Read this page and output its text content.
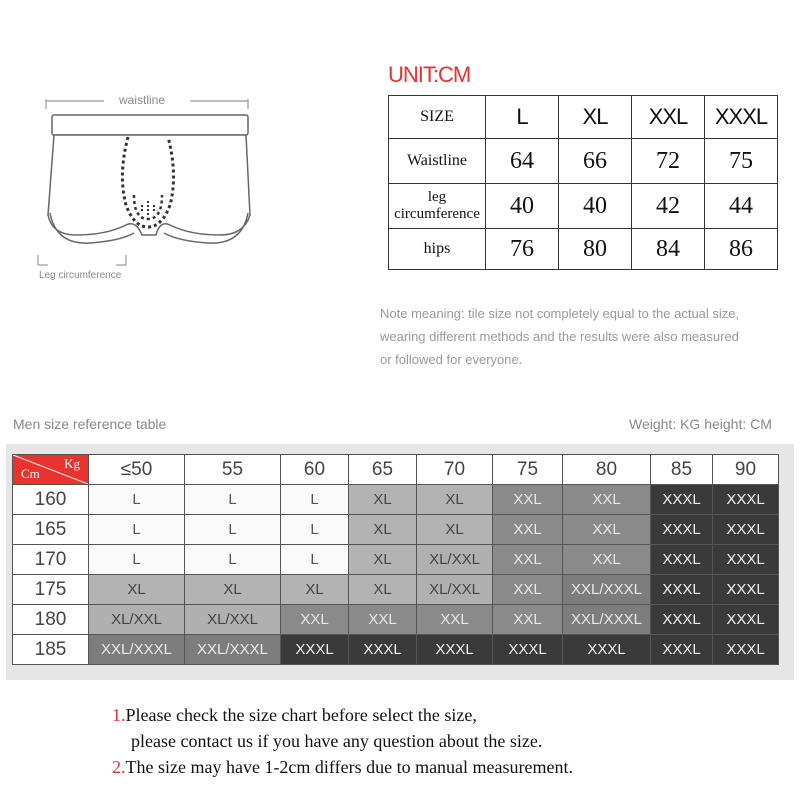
waistline
Leg circumference
UNIT:CM
SIZE	L	XL	XXL	XXXL
Waistline	64	66	72	75
leg circumference	40	40	42	44
hips	76	80	84	86
Note meaning: tile size not completely equal to the actual size,
wearing different methods and the results were also measured
or followed for everyone.
Men size reference table	Weight: KG height: CM
Kg
Cm	≤50	55	60	65	70	75	80	85	90
160	L	L	L	XL	XL	XXL	XXL	XXXL	XXXL
165	L	L	L	XL	XL	XXL	XXL	XXXL	XXXL
170	L	L	L	XL	XL/XXL	XXL	XXL	XXXL	XXXL
175	XL	XL	XL	XL	XL/XXL	XXL	XXL/XXXL	XXXL	XXXL
180	XL/XXL	XL/XXL	XXL	XXL	XXL	XXL	XXL/XXXL	XXXL	XXXL
185	XXL/XXXL	XXL/XXXL	XXXL	XXXL	XXXL	XXXL	XXXL	XXXL	XXXL
1.Please check the size chart before select the size,
please contact us if you have any question about the size.
2.The size may have 1-2cm differs due to manual measurement.
